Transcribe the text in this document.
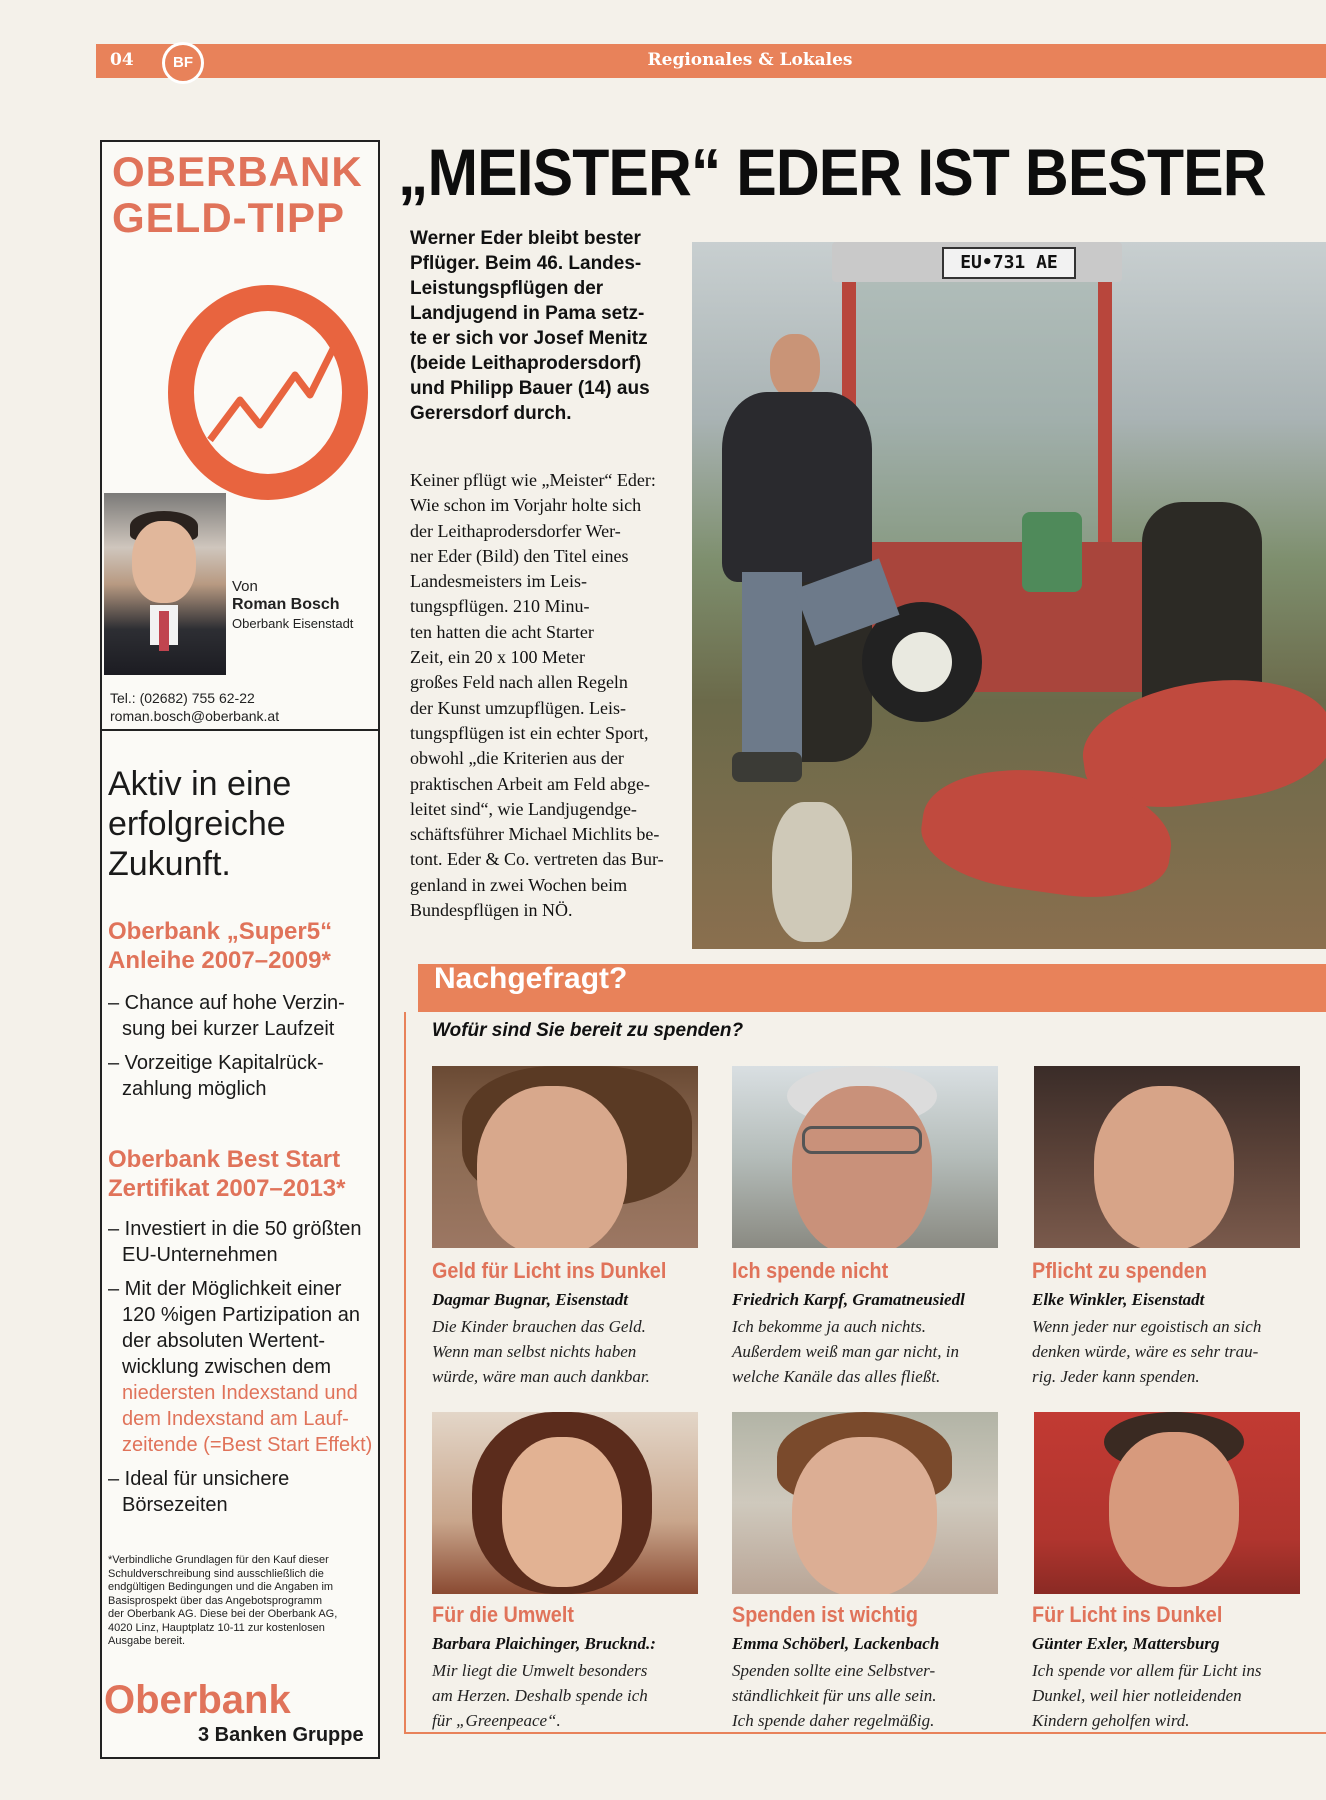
04	BF	Regionales & Lokales
OBERBANK
GELD-TIPP
Von
Roman Bosch
Oberbank Eisenstadt
Tel.: (02682) 755 62-22
roman.bosch@oberbank.at
Aktiv in eine
erfolgreiche
Zukunft.
Oberbank „Super5“
Anleihe 2007–2009*
– Chance auf hohe Verzin-
sung bei kurzer Laufzeit
– Vorzeitige Kapitalrück-
zahlung möglich
Oberbank Best Start
Zertifikat 2007–2013*
– Investiert in die 50 größten
EU-Unternehmen
– Mit der Möglichkeit einer
120 %igen Partizipation an
der absoluten Wertent-
wicklung zwischen dem
niedersten Indexstand und
dem Indexstand am Lauf-
zeitende (=Best Start Effekt)
– Ideal für unsichere
Börsezeiten
*Verbindliche Grundlagen für den Kauf dieser
Schuldverschreibung sind ausschließlich die
endgültigen Bedingungen und die Angaben im
Basisprospekt über das Angebotsprogramm
der Oberbank AG. Diese bei der Oberbank AG,
4020 Linz, Hauptplatz 10-11 zur kostenlosen
Ausgabe bereit.
Oberbank
3 Banken Gruppe
„MEISTER“ EDER IST BESTER
Werner Eder bleibt bester
Pflüger. Beim 46. Landes-
Leistungspflügen der
Landjugend in Pama setz-
te er sich vor Josef Menitz
(beide Leithaprodersdorf)
und Philipp Bauer (14) aus
Gerersdorf durch.
Keiner pflügt wie „Meister“ Eder:
Wie schon im Vorjahr holte sich
der Leithaprodersdorfer Wer-
ner Eder (Bild) den Titel eines
Landesmeisters im Leis-
tungspflügen. 210 Minu-
ten hatten die acht Starter
Zeit, ein 20 x 100 Meter
großes Feld nach allen Regeln
der Kunst umzupflügen. Leis-
tungspflügen ist ein echter Sport,
obwohl „die Kriterien aus der
praktischen Arbeit am Feld abge-
leitet sind“, wie Landjugendge-
schäftsführer Michael Michlits be-
tont. Eder & Co. vertreten das Bur-
genland in zwei Wochen beim
Bundespflügen in NÖ.
EU•731 AE
Nachgefragt?
Wofür sind Sie bereit zu spenden?
Geld für Licht ins Dunkel
Dagmar Bugnar, Eisenstadt
Die Kinder brauchen das Geld.
Wenn man selbst nichts haben
würde, wäre man auch dankbar.
Ich spende nicht
Friedrich Karpf, Gramatneusiedl
Ich bekomme ja auch nichts.
Außerdem weiß man gar nicht, in
welche Kanäle das alles fließt.
Pflicht zu spenden
Elke Winkler, Eisenstadt
Wenn jeder nur egoistisch an sich
denken würde, wäre es sehr trau-
rig. Jeder kann spenden.
Für die Umwelt
Barbara Plaichinger, Brucknd.:
Mir liegt die Umwelt besonders
am Herzen. Deshalb spende ich
für „Greenpeace“.
Spenden ist wichtig
Emma Schöberl, Lackenbach
Spenden sollte eine Selbstver-
ständlichkeit für uns alle sein.
Ich spende daher regelmäßig.
Für Licht ins Dunkel
Günter Exler, Mattersburg
Ich spende vor allem für Licht ins
Dunkel, weil hier notleidenden
Kindern geholfen wird.
